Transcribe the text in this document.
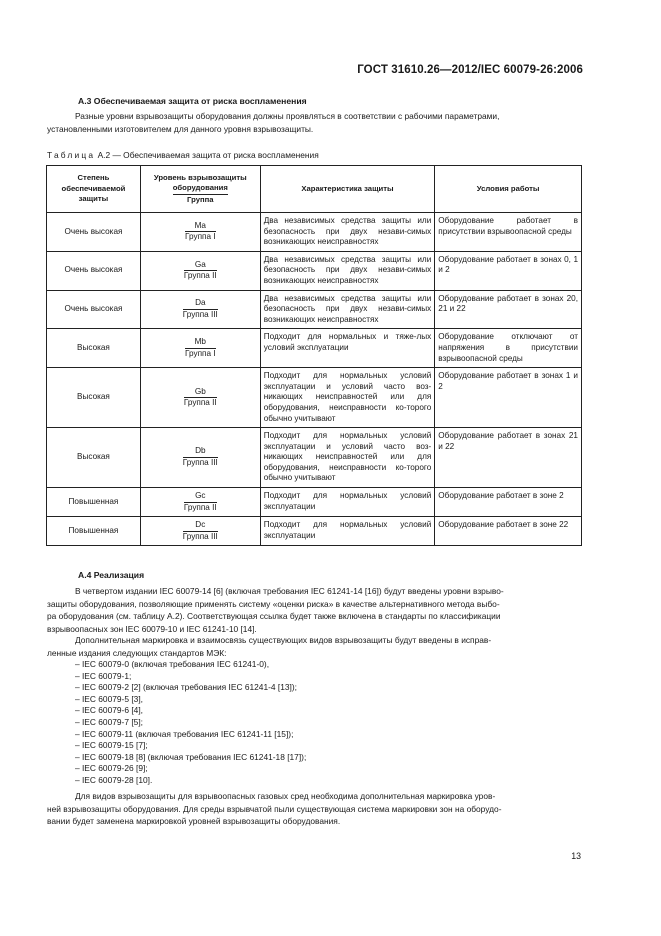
ГОСТ 31610.26—2012/IEC 60079-26:2006
А.3 Обеспечиваемая защита от риска воспламенения
Разные уровни взрывозащиты оборудования должны проявляться в соответствии с рабочими параметрами,
установленными изготовителем для данного уровня взрывозащиты.
Таблица А.2 — Обеспечиваемая защита от риска воспламенения
Степень обеспечиваемой защиты	Уровень взрывозащиты
оборудования
Группа	Характеристика защиты	Условия работы
Очень высокая	$\frac{Ma}{\text{Группа I}}$	Два независимых средства защиты или безопасность при двух незави-симых возникающих неисправностях	Оборудование работает в присутствии взрывоопасной среды
Очень высокая	$\frac{Ga}{\text{Группа II}}$	Два независимых средства защиты или безопасность при двух незави-симых возникающих неисправностях	Оборудование работает в зонах 0, 1 и 2
Очень высокая	$\frac{Da}{\text{Группа III}}$	Два независимых средства защиты или безопасность при двух незави-симых возникающих неисправностях	Оборудование работает в зонах 20, 21 и 22
Высокая	$\frac{Mb}{\text{Группа I}}$	Подходит для нормальных и тяже-лых условий эксплуатации	Оборудование отключают от напряжения в присутствии взрывоопасной среды
Высокая	$\frac{Gb}{\text{Группа II}}$	Подходит для нормальных условий эксплуатации и условий часто воз-никающих неисправностей или для оборудования, неисправности ко-торого обычно учитывают	Оборудование работает в зонах 1 и 2
Высокая	$\frac{Db}{\text{Группа III}}$	Подходит для нормальных условий эксплуатации и условий часто воз-никающих неисправностей или для оборудования, неисправности ко-торого обычно учитывают	Оборудование работает в зонах 21 и 22
Повышенная	$\frac{Gc}{\text{Группа II}}$	Подходит для нормальных условий эксплуатации	Оборудование работает в зоне 2
Повышенная	$\frac{Dc}{\text{Группа III}}$	Подходит для нормальных условий эксплуатации	Оборудование работает в зоне 22
А.4 Реализация
В четвертом издании IEC 60079-14 [6] (включая требования IEC 61241-14 [16]) будут введены уровни взрыво-
защиты оборудования, позволяющие применять систему «оценки риска» в качестве альтернативного метода выбо-
ра оборудования (см. таблицу А.2). Соответствующая ссылка будет также включена в стандарты по классификации
взрывоопасных зон IEC 60079-10 и IEC 61241-10 [14].
Дополнительная маркировка и взаимосвязь существующих видов взрывозащиты будут введены в исправ-
ленные издания следующих стандартов МЭК:
– IEC 60079-0 (включая требования IEC 61241-0),
– IEC 60079-1;
– IEC 60079-2 [2] (включая требования IEC 61241-4 [13]);
– IEC 60079-5 [3],
– IEC 60079-6 [4],
– IEC 60079-7 [5];
– IEC 60079-11 (включая требования IEC 61241-11 [15]);
– IEC 60079-15 [7];
– IEC 60079-18 [8] (включая требования IEC 61241-18 [17]);
– IEC 60079-26 [9];
– IEC 60079-28 [10].
Для видов взрывозащиты для взрывоопасных газовых сред необходима дополнительная маркировка уров-
ней взрывозащиты оборудования. Для среды взрывчатой пыли существующая система маркировки зон на оборудо-
вании будет заменена маркировкой уровней взрывозащиты оборудования.
13
